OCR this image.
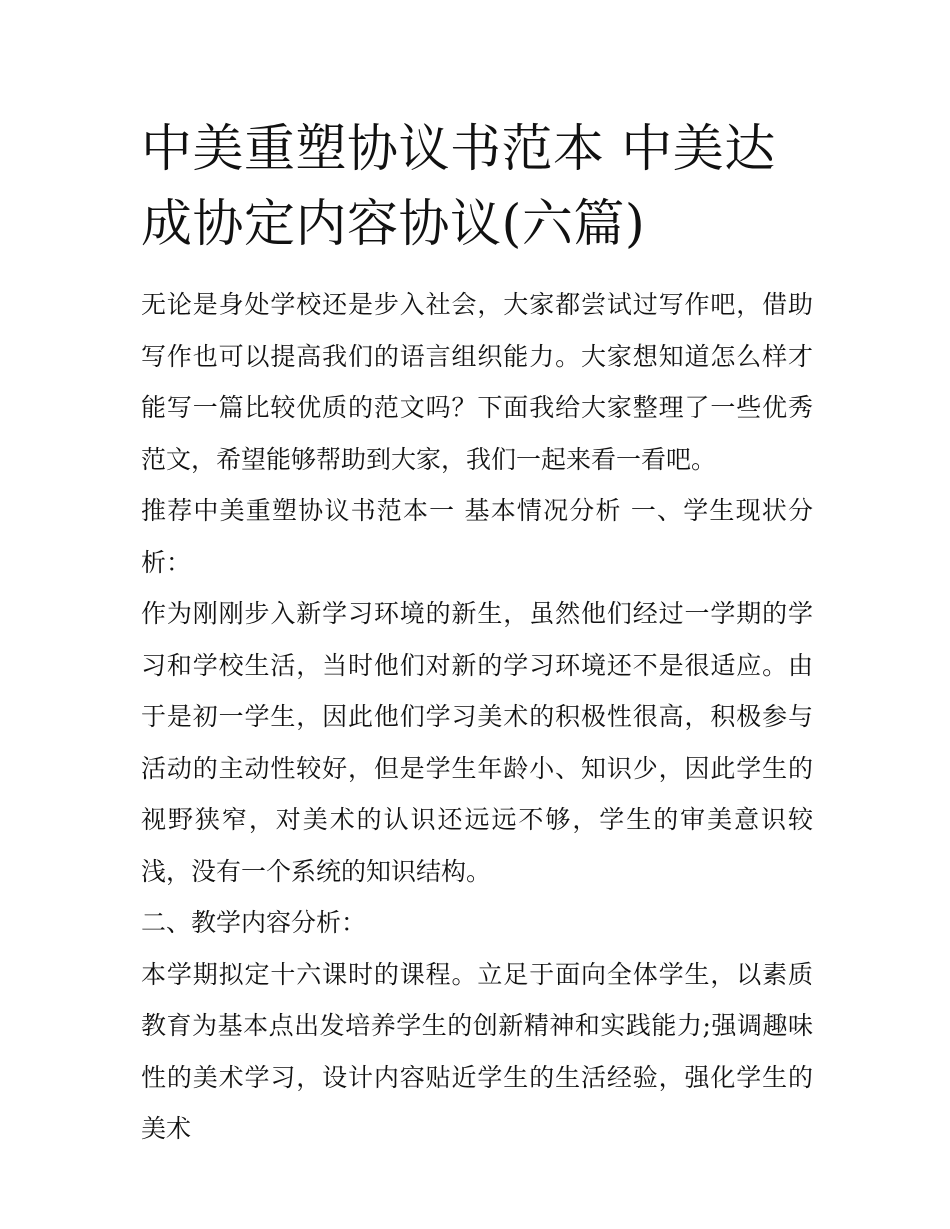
中美重塑协议书范本 中美达成协定内容协议(六篇)

无论是身处学校还是步入社会，大家都尝试过写作吧，借助写作也可以提高我们的语言组织能力。大家想知道怎么样才能写一篇比较优质的范文吗？下面我给大家整理了一些优秀范文，希望能够帮助到大家，我们一起来看一看吧。

推荐中美重塑协议书范本一 基本情况分析 一、学生现状分析：

作为刚刚步入新学习环境的新生，虽然他们经过一学期的学习和学校生活，当时他们对新的学习环境还不是很适应。由于是初一学生，因此他们学习美术的积极性很高，积极参与活动的主动性较好，但是学生年龄小、知识少，因此学生的视野狭窄，对美术的认识还远远不够，学生的审美意识较浅，没有一个系统的知识结构。

二、教学内容分析：

本学期拟定十六课时的课程。立足于面向全体学生，以素质教育为基本点出发培养学生的创新精神和实践能力;强调趣味性的美术学习，设计内容贴近学生的生活经验，强化学生的美术
